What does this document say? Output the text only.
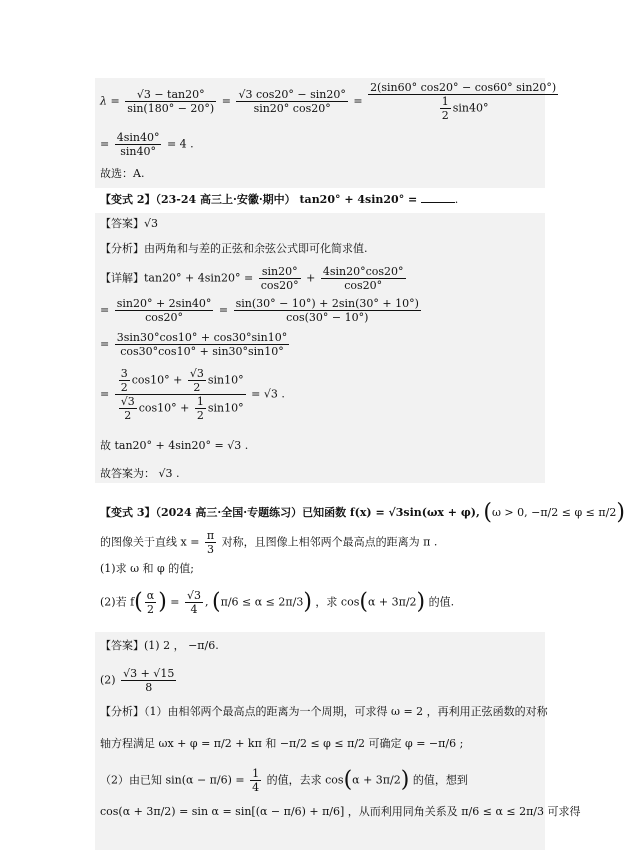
$\lambda = \frac{√3 - \tan 20^\circ}{\sin(180^\circ - 20^\circ)} = \frac{√3 \cos 20^\circ - \sin 20^\circ}{\sin 20^\circ \cos 20^\circ} = \frac{2(\sin 60^\circ \cos 20^\circ - \cos 60^\circ \sin 20^\circ)}{\frac{1}{2} \sin 40^\circ}$
= $\frac{4\sin 40^\circ}{\sin 40^\circ} = 4$ .
故选：A.
【变式 2】（23-24 高三上·安徽·期中） tan20° + 4sin20° =	.
【答案】√3
【分析】由两角和与差的正弦和余弦公式即可化简求值.
【详解】$\tan 20^\circ + 4\sin 20^\circ = \frac{\sin 20^\circ}{\cos 20^\circ} + \frac{4\sin 20^\circ\cos 20^\circ}{\cos 20^\circ}$
= $\frac{\sin 20^\circ + 2\sin 40^\circ}{\cos 20^\circ} = \frac{\sin(30^\circ - 10^\circ) + 2\sin(30^\circ + 10^\circ)}{\cos(30^\circ - 10^\circ)}$
= $\frac{3\sin 30^\circ\cos 10^\circ + \cos 30^\circ\sin 10^\circ}{\cos 30^\circ\cos 10^\circ + \sin 30^\circ\sin 10^\circ}$
= $\frac{\frac{3}{2} \cos 10^\circ + \frac{√3}{2} \sin 10^\circ}{\frac{√3}{2} \cos 10^\circ + \frac{1}{2} \sin 10^\circ} = √3$ .
故 tan20° + 4sin20° = √3 .
故答案为： √3 .
【变式 3】（2024 高三·全国·专题练习）已知函数 f(x) = √3sin(ωx + φ), (ω > 0, −π/2 ≤ φ ≤ π/2)
的图像关于直线 $x = \frac{\pi}{3}$ 对称，且图像上相邻两个最高点的距离为 π .
(1)求 ω 和 φ 的值;
(2)若 $f( \frac{\alpha}{2}$ ) = $\frac{√3}{4}$ , (π/6 ≤ α ≤ 2π/3) ，求 cos(α + 3π/2) 的值.
【答案】(1) 2 ， −π/6.
$(2) \frac{√3 + √15}{8}$
【分析】（1）由相邻两个最高点的距离为一个周期，可求得 ω = 2 ，再利用正弦函数的对称
轴方程满足 ωx + φ = π/2 + kπ 和 −π/2 ≤ φ ≤ π/2 可确定 φ = −π/6 ;
（2）由已知 $\sin(\alpha - \pi/6) = \frac{1}{4}$ 的值，去求 cos(α + 3π/2) 的值，想到
cos(α + 3π/2) = sin α = sin[(α − π/6) + π/6] ，从而利用同角关系及 π/6 ≤ α ≤ 2π/3 可求得
